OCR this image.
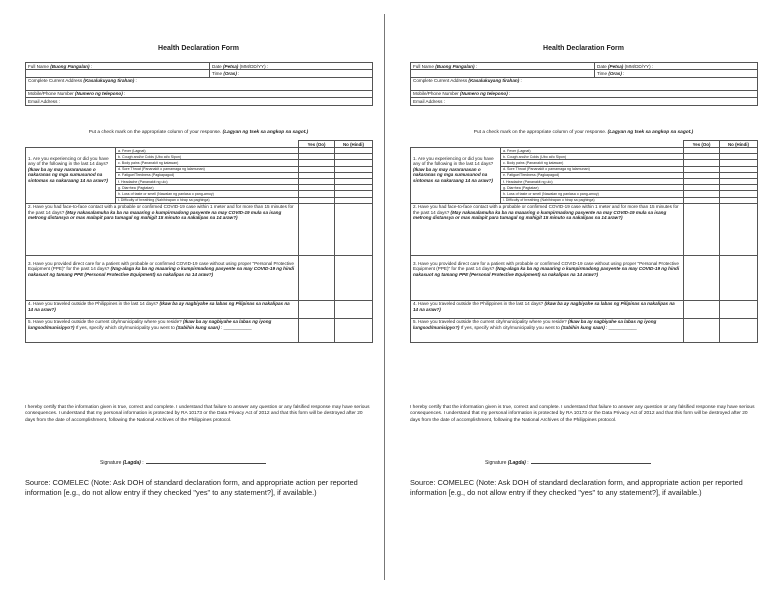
Health Declaration Form
Full Name (Buong Pangalan) :	Date (Petsa) (MM/DD/YY) :
	Time (Oras) :
Complete Current Address (Kasalukuyang tirahan) :	
Mobile/Phone Number (Numero ng telepono) :	
Email Address :	
Put a check mark on the appropriate column of your response. (Lagyan ng tsek sa angkop na sagot.)
		Yes (Oo)	No (Hindi)
1. Are you experiencing or did you have any of the following in the last 14 days? (Ikaw ba ay may nararanasan o nakaranas ng mga sumusunod na sintomas sa nakaraang 14 na araw?)	a. Fever (Lagnat)		
	b. Cough and/or Colds (Ubo at/o Sipon)		
	c. Body pains (Pananakit ng katawan)		
	d. Sore Throat (Pananakit o pamamaga ng lalamunan)		
	e. Fatigue/Tiredness (Pagkapagod)		
	f. Headache (Pananakit ng ulo)		
	g. Diarrhea (Pagtatae)		
	h. Loss of taste or smell (Nawalan ng panlasa o pang-amoy)		
	i. Difficulty of breathing (Nahihirapan o hirap sa paghinga)		
2. Have you had face-to-face contact with a probable or confirmed COVID-19 case within 1 meter and for more than 15 minutes for the past 14 days? (May nakasalamuha ka ba na maaaring o kumpirmadong pasyente na may COVID-19 mula sa isang metrong distansya or mas malapit para tumagal ng mahigit 15 minuto sa nakalipas na 14 araw?)			
3. Have you provided direct care for a patient with probable or confirmed COVID-19 case without using proper "Personal Protective Equipment (PPE)" for the past 14 days? (Nag-alaga ka ba ng maaaring o kumpirmadong pasyente na may COVID-19 ng hindi nakasuot ng tamang PPE (Personal Protective Equipment) sa nakalipas na 14 araw?)			
4. Have you traveled outside the Philippines in the last 14 days? (Ikaw ba ay nagbiyahe sa labas ng Pilipinas sa nakalipas na 14 na araw?)			
5. Have you traveled outside the current city/municipality where you reside? (Ikaw ba ay nagbiyahe sa labas ng iyong lungsod/munisipyo?) If yes, specify which city/municipality you went to (Sabihin kung saan) : ___________			
I hereby certify that the information given is true, correct and complete. I understand that failure to answer any question or any falsified response may have serious consequences. I understand that my personal information is protected by RA 10173 or the Data Privacy Act of 2012 and that this form will be destroyed after 20 days from the date of accomplishment, following the National Archives of the Philippines protocol.
Signature (Lagda) :
Source: COMELEC (Note: Ask DOH of standard declaration form, and appropriate action per reported information [e.g., do not allow entry if they checked "yes" to any statement?], if available.)
Health Declaration Form
Full Name (Buong Pangalan) :	Date (Petsa) (MM/DD/YY) :
	Time (Oras) :
Complete Current Address (Kasalukuyang tirahan) :	
Mobile/Phone Number (Numero ng telepono) :	
Email Address :	
Put a check mark on the appropriate column of your response. (Lagyan ng tsek sa angkop na sagot.)
		Yes (Oo)	No (Hindi)
1. Are you experiencing or did you have any of the following in the last 14 days? (Ikaw ba ay may nararanasan o nakaranas ng mga sumusunod na sintomas sa nakaraang 14 na araw?)	a. Fever (Lagnat)		
	b. Cough and/or Colds (Ubo at/o Sipon)		
	c. Body pains (Pananakit ng katawan)		
	d. Sore Throat (Pananakit o pamamaga ng lalamunan)		
	e. Fatigue/Tiredness (Pagkapagod)		
	f. Headache (Pananakit ng ulo)		
	g. Diarrhea (Pagtatae)		
	h. Loss of taste or smell (Nawalan ng panlasa o pang-amoy)		
	i. Difficulty of breathing (Nahihirapan o hirap sa paghinga)		
2. Have you had face-to-face contact with a probable or confirmed COVID-19 case within 1 meter and for more than 15 minutes for the past 14 days? (May nakasalamuha ka ba na maaaring o kumpirmadong pasyente na may COVID-19 mula sa isang metrong distansya or mas malapit para tumagal ng mahigit 15 minuto sa nakalipas na 14 araw?)			
3. Have you provided direct care for a patient with probable or confirmed COVID-19 case without using proper "Personal Protective Equipment (PPE)" for the past 14 days? (Nag-alaga ka ba ng maaaring o kumpirmadong pasyente na may COVID-19 ng hindi nakasuot ng tamang PPE (Personal Protective Equipment) sa nakalipas na 14 araw?)			
4. Have you traveled outside the Philippines in the last 14 days? (Ikaw ba ay nagbiyahe sa labas ng Pilipinas sa nakalipas na 14 na araw?)			
5. Have you traveled outside the current city/municipality where you reside? (Ikaw ba ay nagbiyahe sa labas ng iyong lungsod/munisipyo?) If yes, specify which city/municipality you went to (Sabihin kung saan) : ___________			
I hereby certify that the information given is true, correct and complete. I understand that failure to answer any question or any falsified response may have serious consequences. I understand that my personal information is protected by RA 10173 or the Data Privacy Act of 2012 and that this form will be destroyed after 20 days from the date of accomplishment, following the National Archives of the Philippines protocol.
Signature (Lagda) :
Source: COMELEC (Note: Ask DOH of standard declaration form, and appropriate action per reported information [e.g., do not allow entry if they checked "yes" to any statement?], if available.)
